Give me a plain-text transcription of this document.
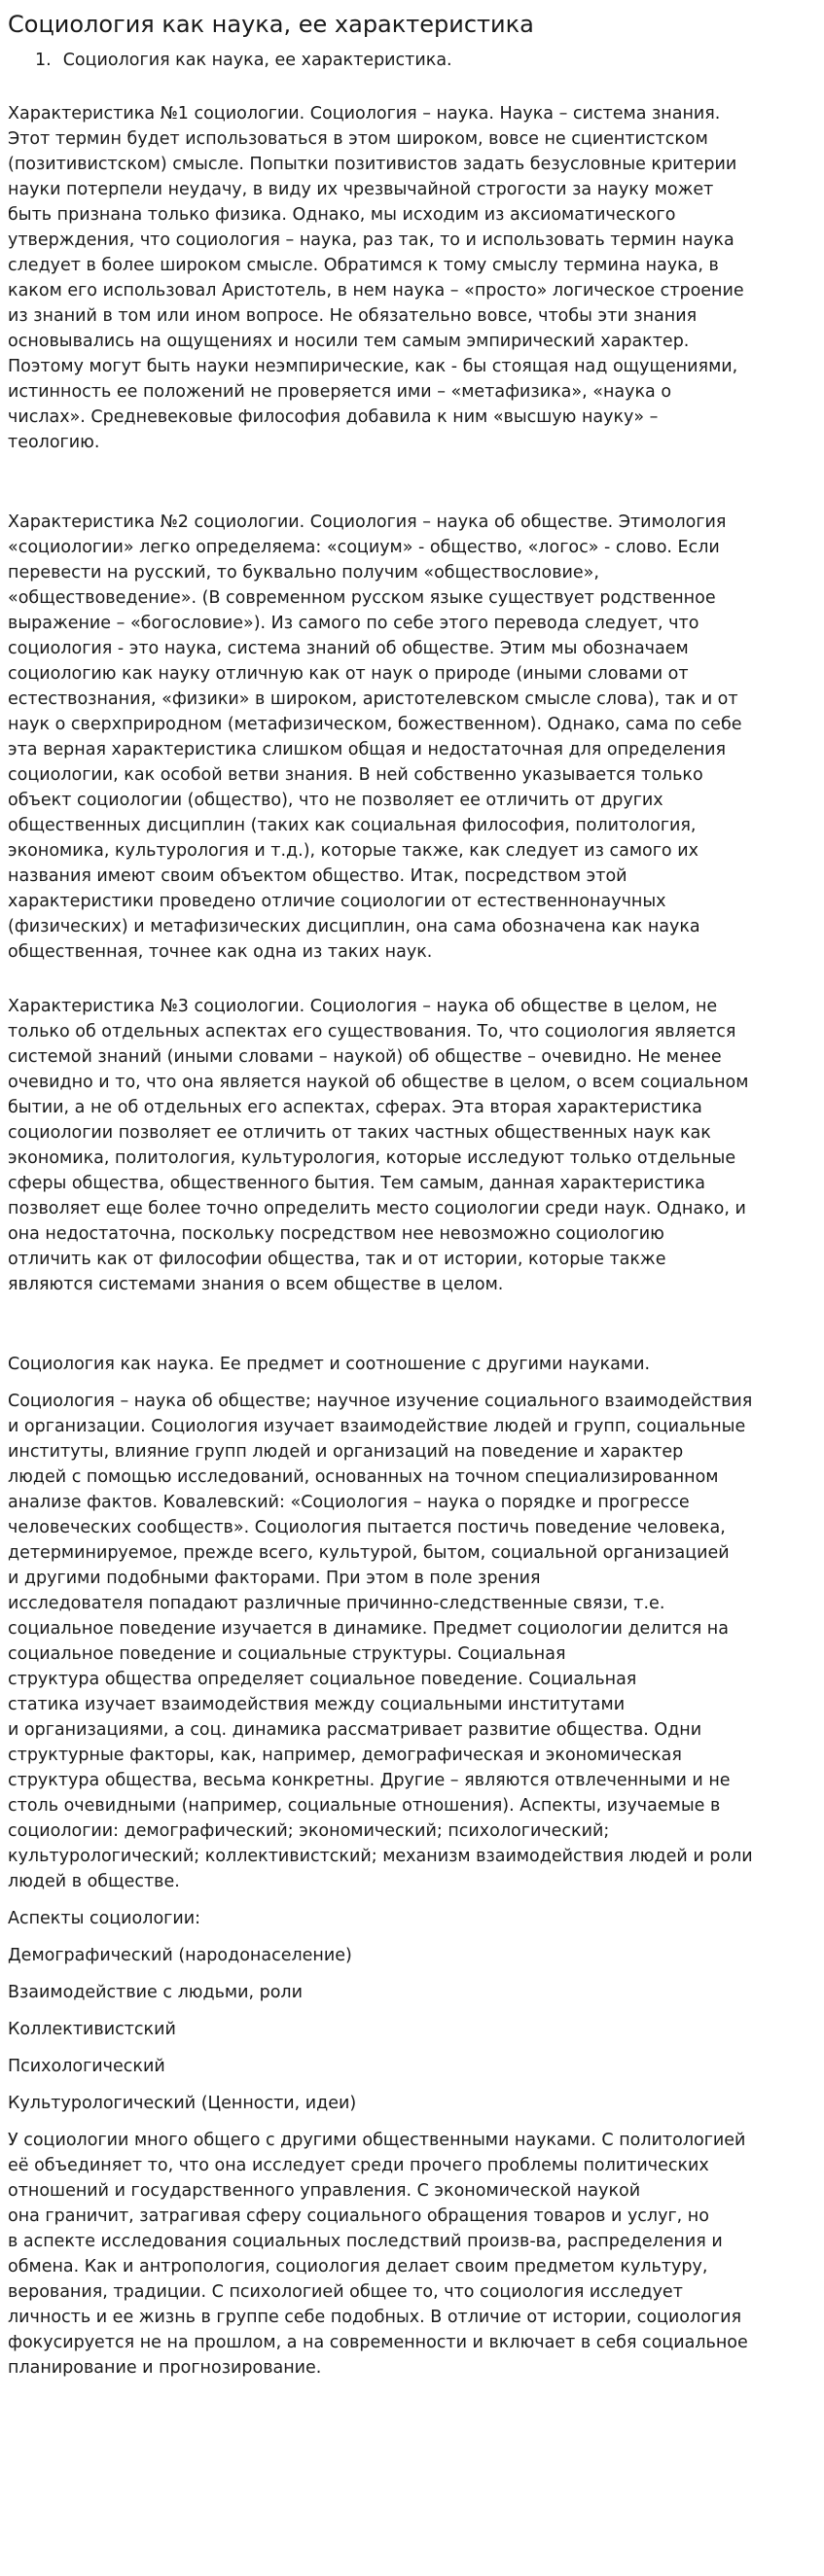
Социология как наука, ее характеристика
1. Социология как наука, ее характеристика.

Характеристика №1 социологии. Социология – наука. Наука – система знания.
Этот термин будет использоваться в этом широком, вовсе не сциентистском
(позитивистском) смысле. Попытки позитивистов задать безусловные критерии
науки потерпели неудачу, в виду их чрезвычайной строгости за науку может
быть признана только физика. Однако, мы исходим из аксиоматического
утверждения, что социология – наука, раз так, то и использовать термин наука
следует в более широком смысле. Обратимся к тому смыслу термина наука, в
каком его использовал Аристотель, в нем наука – «просто» логическое строение
из знаний в том или ином вопросе. Не обязательно вовсе, чтобы эти знания
основывались на ощущениях и носили тем самым эмпирический характер.
Поэтому могут быть науки неэмпирические, как - бы стоящая над ощущениями,
истинность ее положений не проверяется ими – «метафизика», «наука о
числах». Средневековые философия добавила к ним «высшую науку» –
теологию.

Характеристика №2 социологии. Социология – наука об обществе. Этимология
«социологии» легко определяема: «социум» - общество, «логос» - слово. Если
перевести на русский, то буквально получим «обществословие»,
«обществоведение». (В современном русском языке существует родственное
выражение – «богословие»). Из самого по себе этого перевода следует, что
социология - это наука, система знаний об обществе. Этим мы обозначаем
социологию как науку отличную как от наук о природе (иными словами от
естествознания, «физики» в широком, аристотелевском смысле слова), так и от
наук о сверхприродном (метафизическом, божественном). Однако, сама по себе
эта верная характеристика слишком общая и недостаточная для определения
социологии, как особой ветви знания. В ней собственно указывается только
объект социологии (общество), что не позволяет ее отличить от других
общественных дисциплин (таких как социальная философия, политология,
экономика, культурология и т.д.), которые также, как следует из самого их
названия имеют своим объектом общество. Итак, посредством этой
характеристики проведено отличие социологии от естественнонаучных
(физических) и метафизических дисциплин, она сама обозначена как наука
общественная, точнее как одна из таких наук.

Характеристика №3 социологии. Социология – наука об обществе в целом, не
только об отдельных аспектах его существования. То, что социология является
системой знаний (иными словами – наукой) об обществе – очевидно. Не менее
очевидно и то, что она является наукой об обществе в целом, о всем социальном
бытии, а не об отдельных его аспектах, сферах. Эта вторая характеристика
социологии позволяет ее отличить от таких частных общественных наук как
экономика, политология, культурология, которые исследуют только отдельные
сферы общества, общественного бытия. Тем самым, данная характеристика
позволяет еще более точно определить место социологии среди наук. Однако, и
она недостаточна, поскольку посредством нее невозможно социологию
отличить как от философии общества, так и от истории, которые также
являются системами знания о всем обществе в целом.

Социология как наука. Ее предмет и соотношение с другими науками.

Социология – наука об обществе; научное изучение социального взаимодействия
и организации. Социология изучает взаимодействие людей и групп, социальные
институты, влияние групп людей и организаций на поведение и характер
людей с помощью исследований, основанных на точном специализированном
анализе фактов. Ковалевский: «Социология – наука о порядке и прогрессе
человеческих сообществ». Социология пытается постичь поведение человека,
детерминируемое, прежде всего, культурой, бытом, социальной организацией
и другими подобными факторами. При этом в поле зрения
исследователя попадают различные причинно-следственные связи, т.е.
социальное поведение изучается в динамике. Предмет социологии делится на
социальное поведение и социальные структуры. Социальная
структура общества определяет социальное поведение. Социальная
статика изучает взаимодействия между социальными институтами
и организациями, а соц. динамика рассматривает развитие общества. Одни
структурные факторы, как, например, демографическая и экономическая
структура общества, весьма конкретны. Другие – являются отвлеченными и не
столь очевидными (например, социальные отношения). Аспекты, изучаемые в
социологии: демографический; экономический; психологический;
культурологический; коллективистский; механизм взаимодействия людей и роли
людей в обществе.

Аспекты социологии:

Демографический (народонаселение)

Взаимодействие с людьми, роли

Коллективистский

Психологический

Культурологический (Ценности, идеи)

У социологии много общего с другими общественными науками. С политологией
её объединяет то, что она исследует среди прочего проблемы политических
отношений и государственного управления. С экономической наукой
она граничит, затрагивая сферу социального обращения товаров и услуг, но
в аспекте исследования социальных последствий произв-ва, распределения и
обмена. Как и антропология, социология делает своим предметом культуру,
верования, традиции. С психологией общее то, что социология исследует
личность и ее жизнь в группе себе подобных. В отличие от истории, социология
фокусируется не на прошлом, а на современности и включает в себя социальное
планирование и прогнозирование.
